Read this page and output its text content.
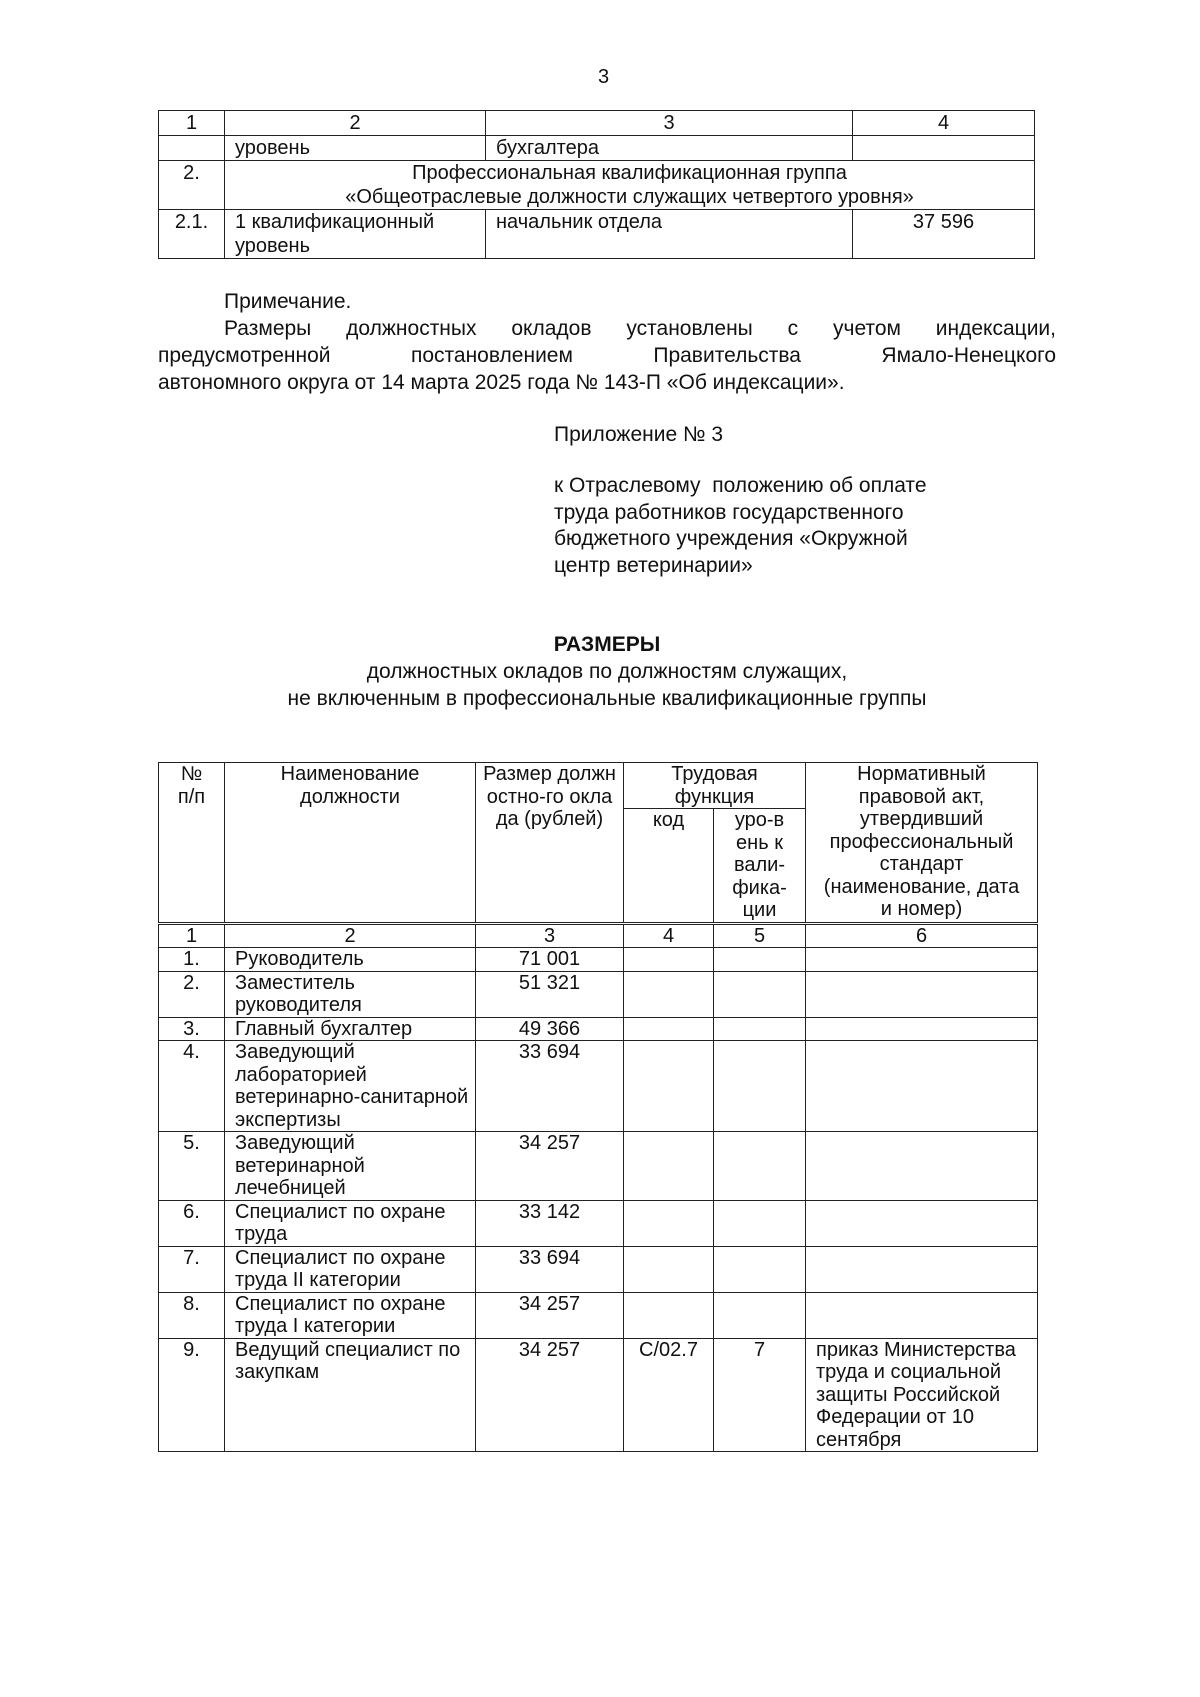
3
1	2	3	4
	уровень	бухгалтера	
2.	Профессиональная квалификационная группа
«Общеотраслевые должности служащих четвертого уровня»		

2.1.	1 квалификационный уровень	начальник отдела	37 596
Примечание.
Размеры должностных окладов установлены с учетом индексации,
предусмотренной постановлением Правительства Ямало-Ненецкого
автономного округа от 14 марта 2025 года № 143-П «Об индексации».
Приложение № 3
к Отраслевому  положению об оплате
труда работников государственного
бюджетного учреждения «Окружной
центр ветеринарии»
РАЗМЕРЫ
должностных окладов по должностям служащих,
не включенным в профессиональные квалификационные группы
№ п/п	Наименование должности	Размер должностно-го оклада (рублей)	Трудовая функция		Нормативный правовой акт, утвердивший профессиональный стандарт (наименование, дата и номер)
			код	уро-вень квали-фика-ции	
1	2	3	4	5	6
1.	Руководитель	71 001			
2.	Заместитель руководителя	51 321			
3.	Главный бухгалтер	49 366			
4.	Заведующий лабораторией ветеринарно-санитарной экспертизы	33 694			
5.	Заведующий ветеринарной лечебницей	34 257			
6.	Специалист по охране труда	33 142			
7.	Специалист по охране труда II категории	33 694			
8.	Специалист по охране труда I категории	34 257			
9.	Ведущий специалист по закупкам	34 257	С/02.7	7	приказ Министерства труда и социальной защиты Российской Федерации от 10 сентября
